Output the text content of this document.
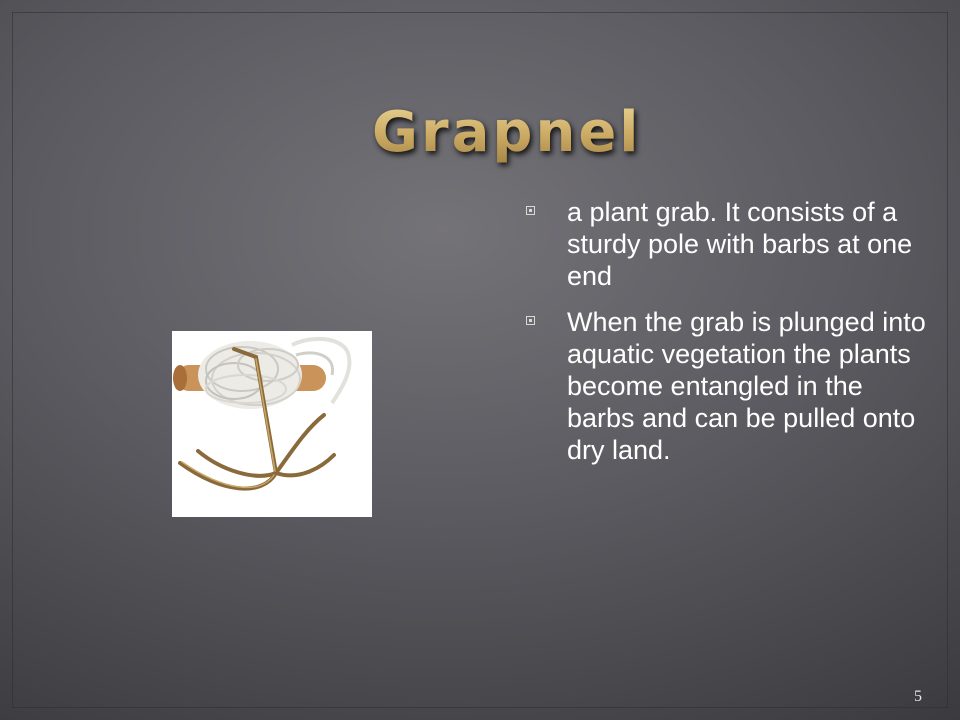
Grapnel
a plant grab. It consists of a sturdy pole with barbs at one end
When the grab is plunged into aquatic vegetation the plants become entangled in the barbs and can be pulled onto dry land.
5
